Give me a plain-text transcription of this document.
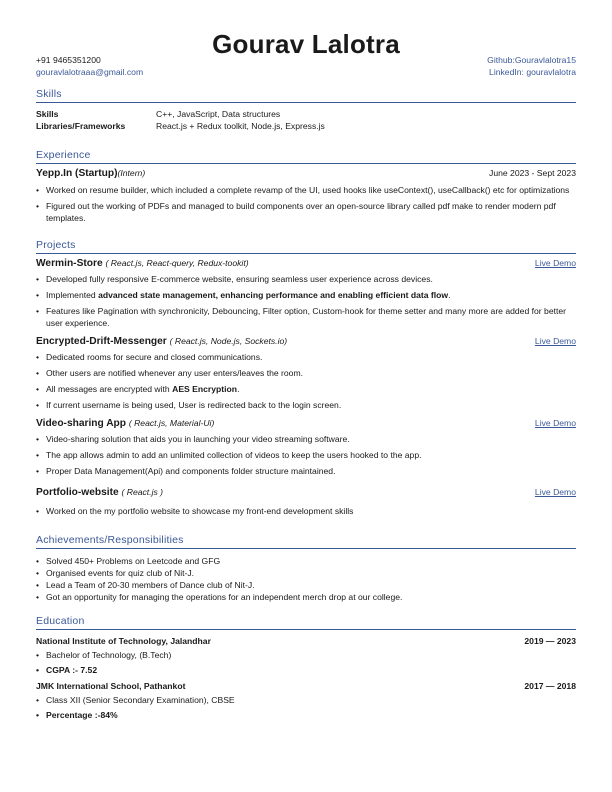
Gourav Lalotra
+91 9465351200
gouravlalotraaa@gmail.com
Github:Gouravlalotra15
LinkedIn: gouravlalotra
Skills
Skills	C++, JavaScript, Data structures
Libraries/Frameworks	React.js + Redux toolkit, Node.js, Express.js
Experience
Yepp.In (Startup)(Intern)	June 2023 - Sept 2023
• Worked on resume builder, which included a complete revamp of the UI, used hooks like useContext(), useCallback() etc for optimizations
• Figured out the working of PDFs and managed to build components over an open-source library called pdf make to render modern pdf templates.
Projects
Wermin-Store ( React.js, React-query, Redux-tookit)	Live Demo
• Developed fully responsive E-commerce website, ensuring seamless user experience across devices.
• Implemented advanced state management, enhancing performance and enabling efficient data flow.
• Features like Pagination with synchronicity, Debouncing, Filter option, Custom-hook for theme setter and many more are added for better user experience.
Encrypted-Drift-Messenger ( React.js, Node.js, Sockets.io)	Live Demo
• Dedicated rooms for secure and closed communications.
• Other users are notified whenever any user enters/leaves the room.
• All messages are encrypted with AES Encryption.
• If current username is being used, User is redirected back to the login screen.
Video-sharing App ( React.js, Material-Ui)	Live Demo
• Video-sharing solution that aids you in launching your video streaming software.
• The app allows admin to add an unlimited collection of videos to keep the users hooked to the app.
• Proper Data Management(Api) and components folder structure maintained.
Portfolio-website ( React.js )	Live Demo
• Worked on the my portfolio website to showcase my front-end development skills
Achievements/Responsibilities
• Solved 450+ Problems on Leetcode and GFG
• Organised events for quiz club of Nit-J.
• Lead a Team of 20-30 members of Dance club of Nit-J.
• Got an opportunity for managing the operations for an independent merch drop at our college.
Education
National Institute of Technology, Jalandhar	2019 — 2023
• Bachelor of Technology, (B.Tech)
• CGPA :- 7.52
JMK International School, Pathankot	2017 — 2018
• Class XII (Senior Secondary Examination), CBSE
• Percentage :-84%
